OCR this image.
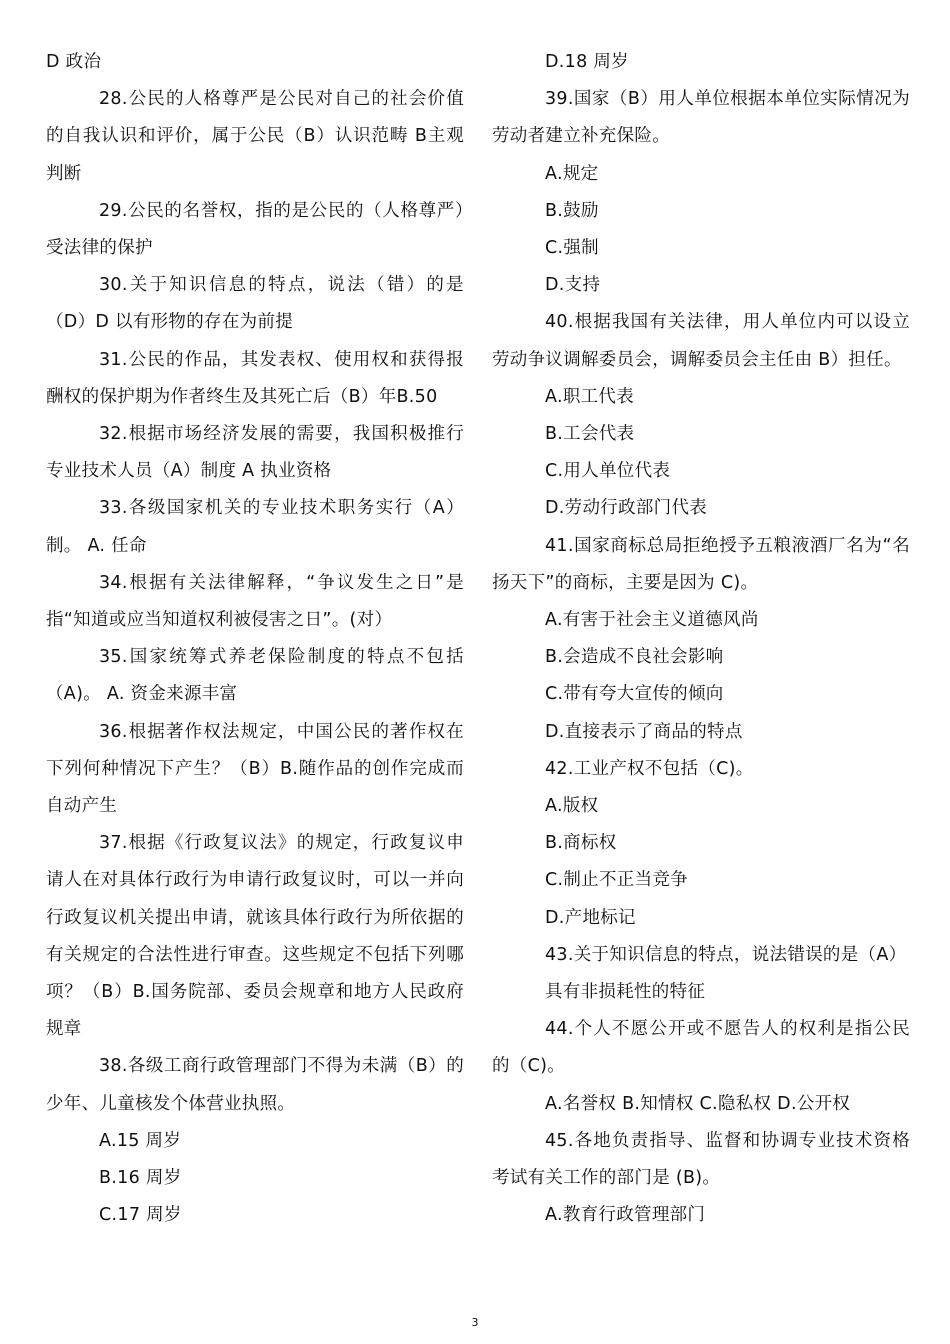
D 政治

28.公民的人格尊严是公民对自己的社会价值的自我认识和评价，属于公民（B）认识范畴 B主观判断

29.公民的名誉权，指的是公民的（人格尊严）受法律的保护

30.关于知识信息的特点，说法（错）的是（D）D 以有形物的存在为前提

31.公民的作品，其发表权、使用权和获得报酬权的保护期为作者终生及其死亡后（B）年B.50

32.根据市场经济发展的需要，我国积极推行专业技术人员（A）制度 A 执业资格

33.各级国家机关的专业技术职务实行（A）制。 A. 任命

34.根据有关法律解释，“争议发生之日”是指“知道或应当知道权利被侵害之日”。(对）

35.国家统筹式养老保险制度的特点不包括（A)。 A. 资金来源丰富

36.根据著作权法规定，中国公民的著作权在下列何种情况下产生？（B）B.随作品的创作完成而自动产生

37.根据《行政复议法》的规定，行政复议申请人在对具体行政行为申请行政复议时，可以一并向行政复议机关提出申请，就该具体行政行为所依据的有关规定的合法性进行审查。这些规定不包括下列哪项？（B）B.国务院部、委员会规章和地方人民政府规章

38.各级工商行政管理部门不得为未满（B）的少年、儿童核发个体营业执照。

A.15 周岁

B.16 周岁

C.17 周岁

D.18 周岁

39.国家（B）用人单位根据本单位实际情况为劳动者建立补充保险。

A.规定

B.鼓励

C.强制

D.支持

40.根据我国有关法律，用人单位内可以设立劳动争议调解委员会，调解委员会主任由 B）担任。

A.职工代表

B.工会代表

C.用人单位代表

D.劳动行政部门代表

41.国家商标总局拒绝授予五粮液酒厂名为“名扬天下”的商标，主要是因为 C)。

A.有害于社会主义道德风尚

B.会造成不良社会影响

C.带有夸大宣传的倾向

D.直接表示了商品的特点

42.工业产权不包括（C)。

A.版权

B.商标权

C.制止不正当竞争

D.产地标记

43.关于知识信息的特点，说法错误的是（A）

具有非损耗性的特征

44.个人不愿公开或不愿告人的权利是指公民的（C)。

A.名誉权 B.知情权 C.隐私权 D.公开权

45.各地负责指导、监督和协调专业技术资格考试有关工作的部门是 (B)。

A.教育行政管理部门

3
